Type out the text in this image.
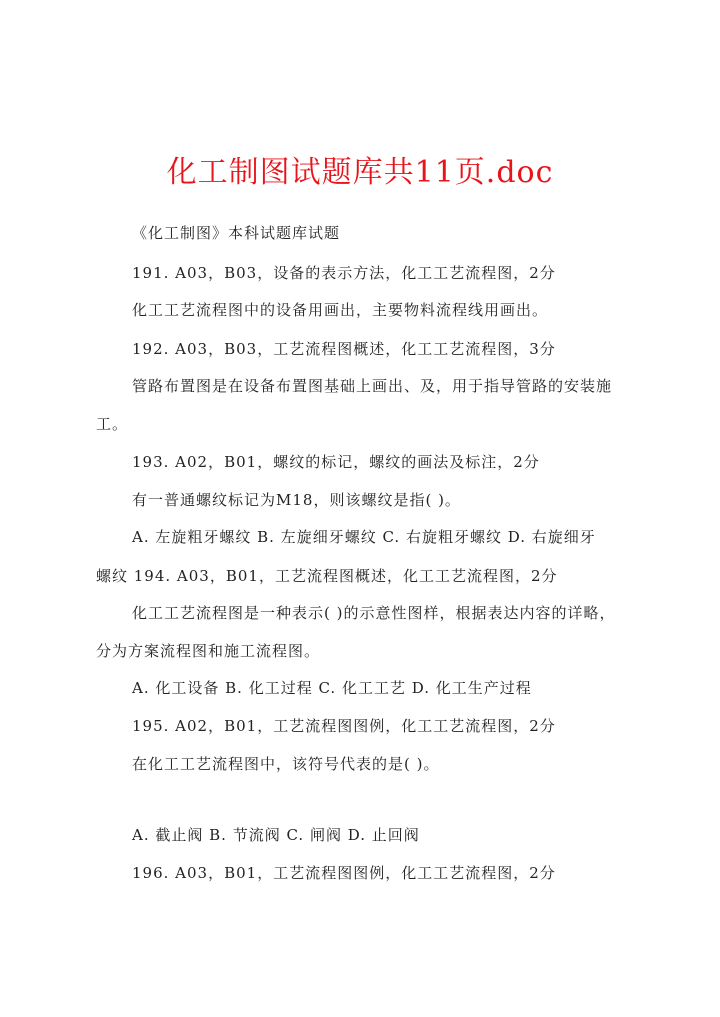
化工制图试题库共11页.doc
《化工制图》本科试题库试题
191. A03，B03，设备的表示方法，化工工艺流程图，2分
化工工艺流程图中的设备用画出，主要物料流程线用画出。
192. A03，B03，工艺流程图概述，化工工艺流程图，3分
管路布置图是在设备布置图基础上画出、及，用于指导管路的安装施
工。
193. A02，B01，螺纹的标记，螺纹的画法及标注，2分
有一普通螺纹标记为M18，则该螺纹是指( )。
A. 左旋粗牙螺纹 B. 左旋细牙螺纹 C. 右旋粗牙螺纹 D. 右旋细牙
螺纹 194. A03，B01，工艺流程图概述，化工工艺流程图，2分
化工工艺流程图是一种表示( )的示意性图样，根据表达内容的详略，
分为方案流程图和施工流程图。
A. 化工设备 B. 化工过程 C. 化工工艺 D. 化工生产过程
195. A02，B01，工艺流程图图例，化工工艺流程图，2分
在化工工艺流程图中，该符号代表的是( )。
A. 截止阀 B. 节流阀 C. 闸阀 D. 止回阀
196. A03，B01，工艺流程图图例，化工工艺流程图，2分
